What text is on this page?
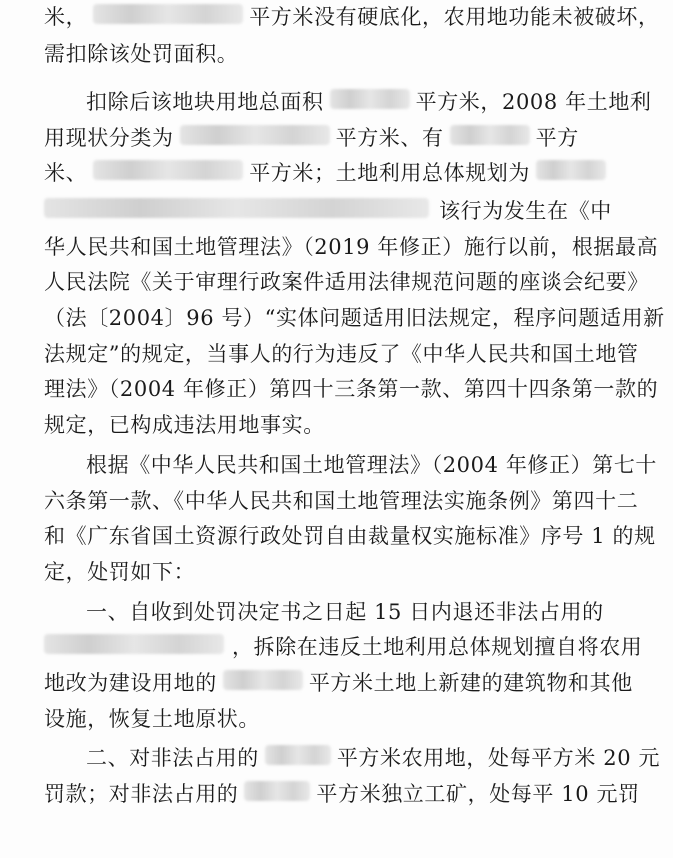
米，	平方米没有硬底化，农用地功能未被破坏，
需扣除该处罚面积。
扣除后该地块用地总面积	平方米，2008 年土地利
用现状分类为	平方米、有	平方
米、	平方米；土地利用总体规划为
该行为发生在《中
华人民共和国土地管理法》（2019 年修正）施行以前，根据最高
人民法院《关于审理行政案件适用法律规范问题的座谈会纪要》
（法〔2004〕96 号）“实体问题适用旧法规定，程序问题适用新
法规定”的规定，当事人的行为违反了《中华人民共和国土地管
理法》（2004 年修正）第四十三条第一款、第四十四条第一款的
规定，已构成违法用地事实。
根据《中华人民共和国土地管理法》（2004 年修正）第七十
六条第一款、《中华人民共和国土地管理法实施条例》第四十二
和《广东省国土资源行政处罚自由裁量权实施标准》序号 1 的规
定，处罚如下：
一、自收到处罚决定书之日起 15 日内退还非法占用的
，拆除在违反土地利用总体规划擅自将农用
地改为建设用地的	平方米土地上新建的建筑物和其他
设施，恢复土地原状。
二、对非法占用的	平方米农用地，处每平方米 20 元
罚款；对非法占用的	平方米独立工矿，处每平 10 元罚
